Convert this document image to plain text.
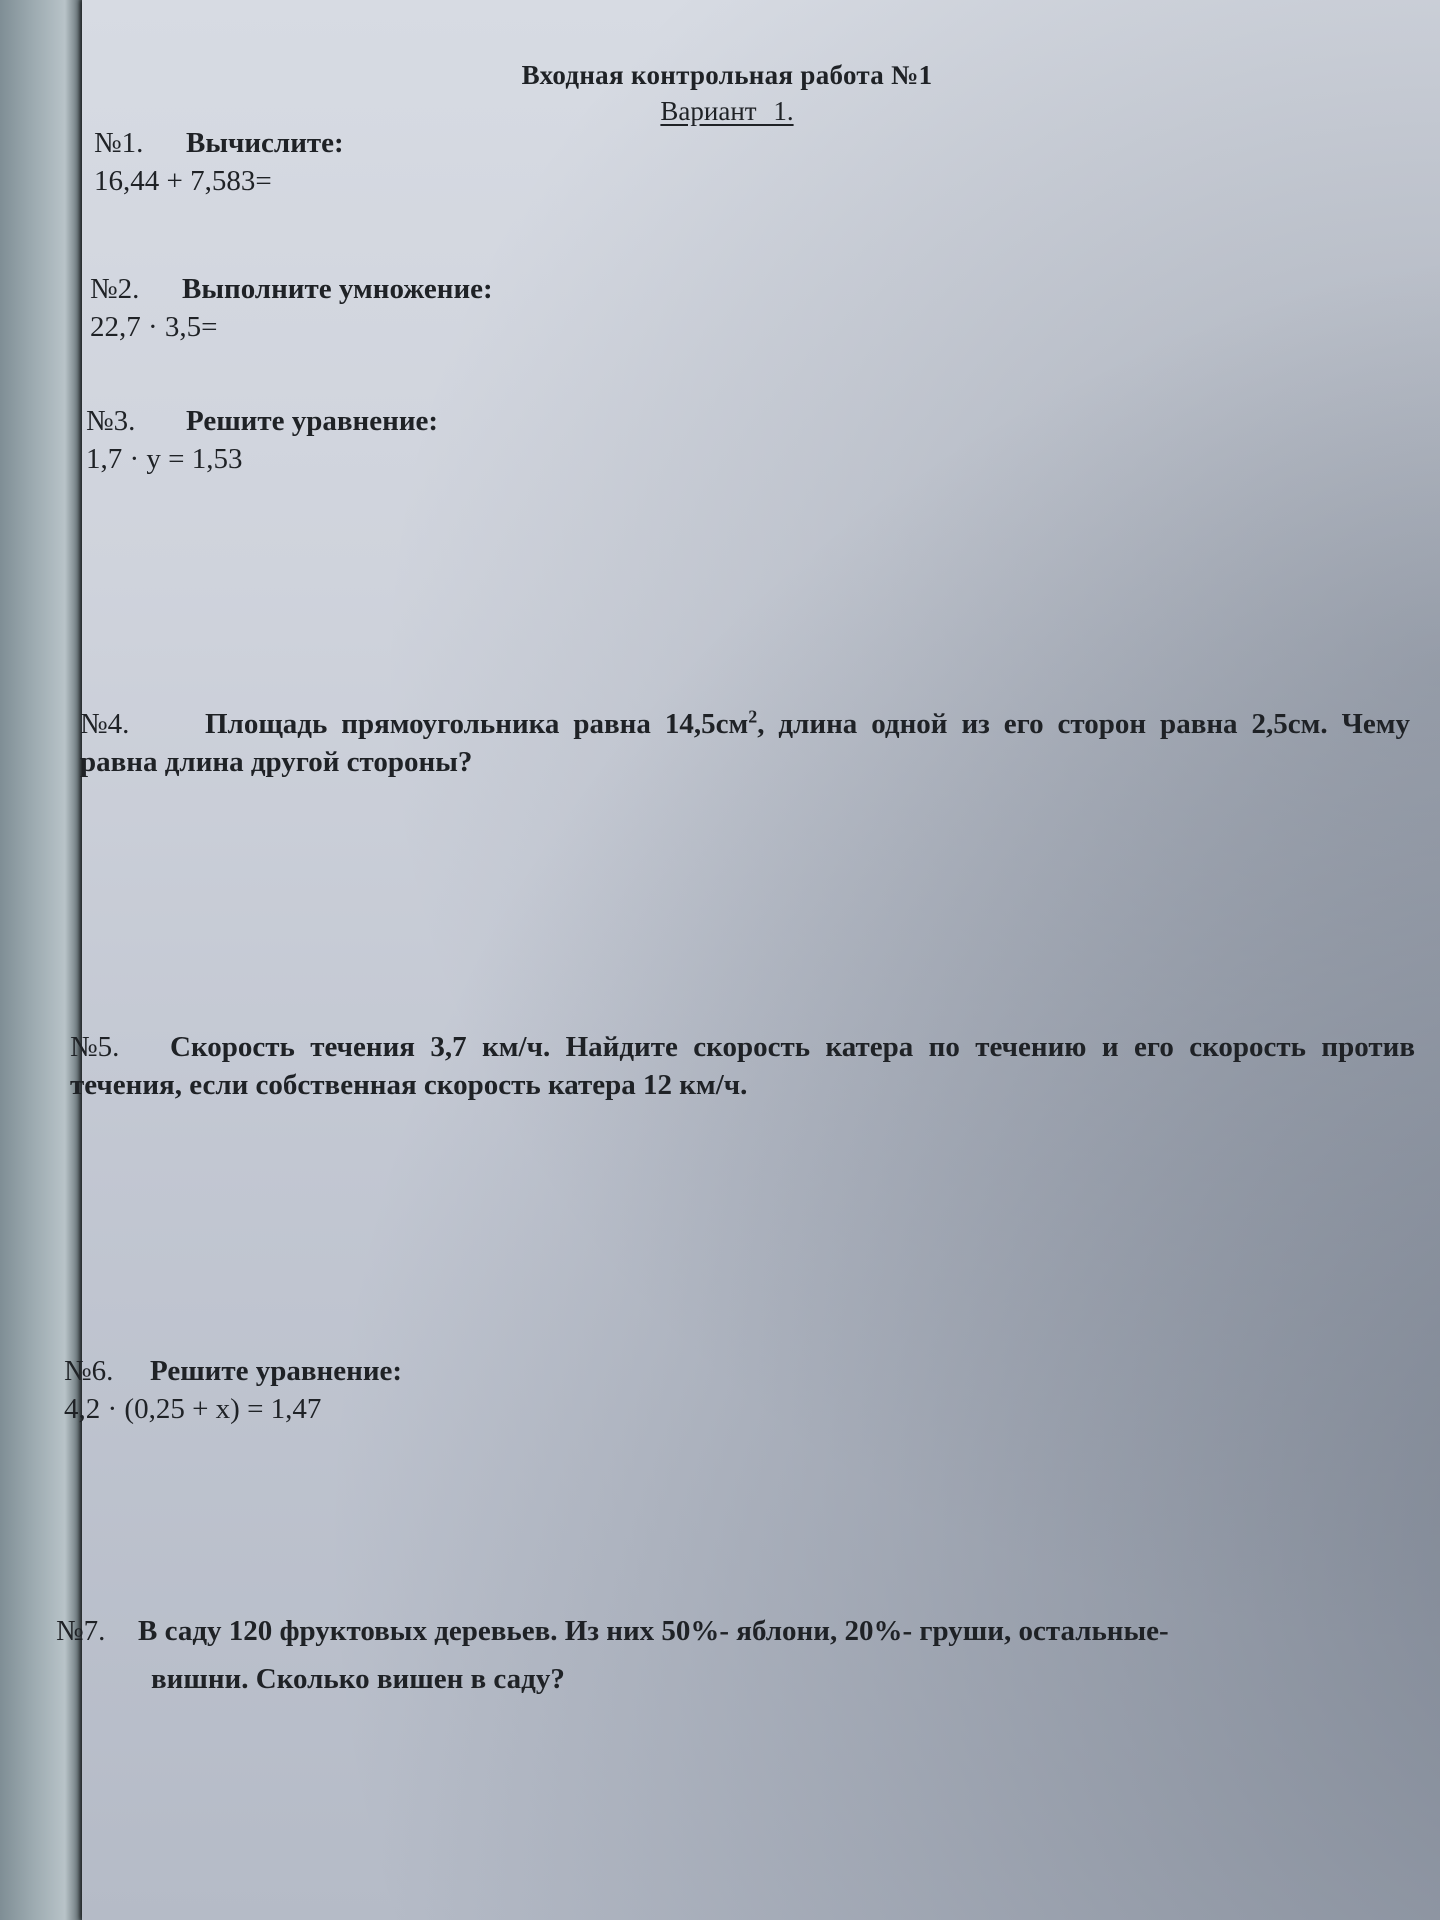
Входная контрольная работа №1
Вариант 1.
№1. Вычислите:
16,44 + 7,583=
№2. Выполните умножение:
22,7 · 3,5=
№3. Решите уравнение:
1,7 · y = 1,53
№4.	Площадь прямоугольника равна $14,5см^2$, длина одной из его сторон равна 2,5см. Чему равна длина другой стороны?
№5. Скорость течения 3,7 км/ч. Найдите скорость катера по течению и его скорость против течения, если собственная скорость катера 12 км/ч.
№6. Решите уравнение:
4,2 · (0,25 + x) = 1,47
№7. В саду 120 фруктовых деревьев. Из них 50%- яблони, 20%- груши, остальные-
вишни. Сколько вишен в саду?
